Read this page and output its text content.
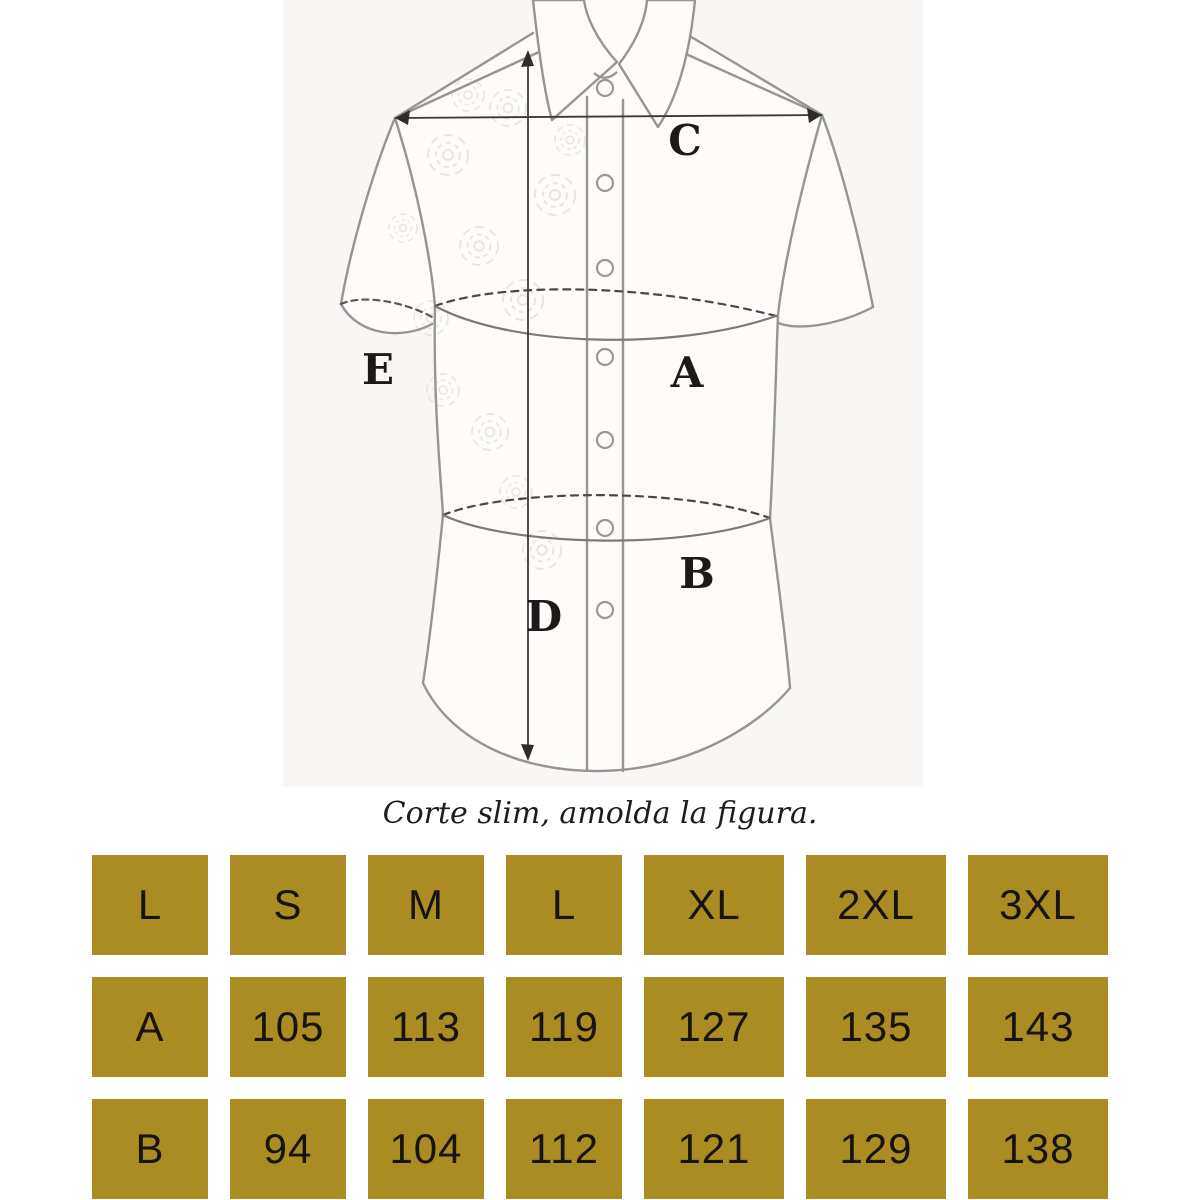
C
A
B
D
E
Corte slim, amolda la figura.
L	S	M	L	XL	2XL	3XL
A	105	113	119	127	135	143
B	94	104	112	121	129	138
